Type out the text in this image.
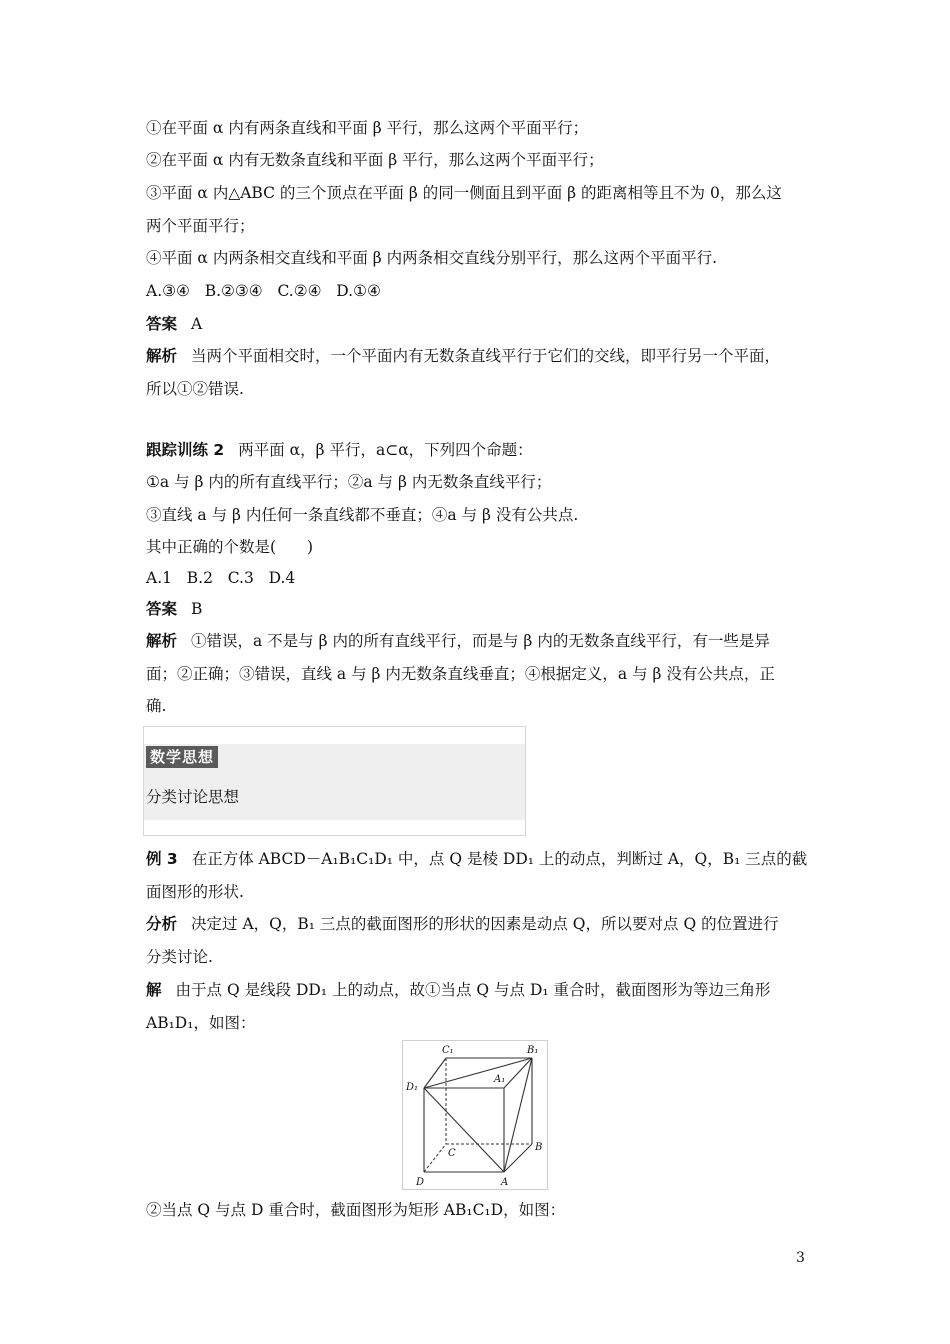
①在平面 α 内有两条直线和平面 β 平行，那么这两个平面平行；
②在平面 α 内有无数条直线和平面 β 平行，那么这两个平面平行；
③平面 α 内△ABC 的三个顶点在平面 β 的同一侧面且到平面 β 的距离相等且不为 0，那么这
两个平面平行；
④平面 α 内两条相交直线和平面 β 内两条相交直线分别平行，那么这两个平面平行.
A.③④   B.②③④   C.②④   D.①④
答案 A
解析 当两个平面相交时，一个平面内有无数条直线平行于它们的交线，即平行另一个平面，
所以①②错误.
跟踪训练 2 两平面 α，β 平行，a⊂α，下列四个命题：
①a 与 β 内的所有直线平行；②a 与 β 内无数条直线平行；
③直线 a 与 β 内任何一条直线都不垂直；④a 与 β 没有公共点.
其中正确的个数是(　　)
A.1   B.2   C.3   D.4
答案 B
解析 ①错误，a 不是与 β 内的所有直线平行，而是与 β 内的无数条直线平行，有一些是异
面；②正确；③错误，直线 a 与 β 内无数条直线垂直；④根据定义，a 与 β 没有公共点，正
确.
数学思想
分类讨论思想
例 3 在正方体 ABCD－A₁B₁C₁D₁ 中，点 Q 是棱 DD₁ 上的动点，判断过 A，Q，B₁ 三点的截
面图形的形状.
分析 决定过 A，Q，B₁ 三点的截面图形的形状的因素是动点 Q，所以要对点 Q 的位置进行
分类讨论.
解 由于点 Q 是线段 DD₁ 上的动点，故①当点 Q 与点 D₁ 重合时，截面图形为等边三角形
AB₁D₁，如图：
C₁	B₁
D₁
A₁
B
C
D	A
②当点 Q 与点 D 重合时，截面图形为矩形 AB₁C₁D，如图：
3
